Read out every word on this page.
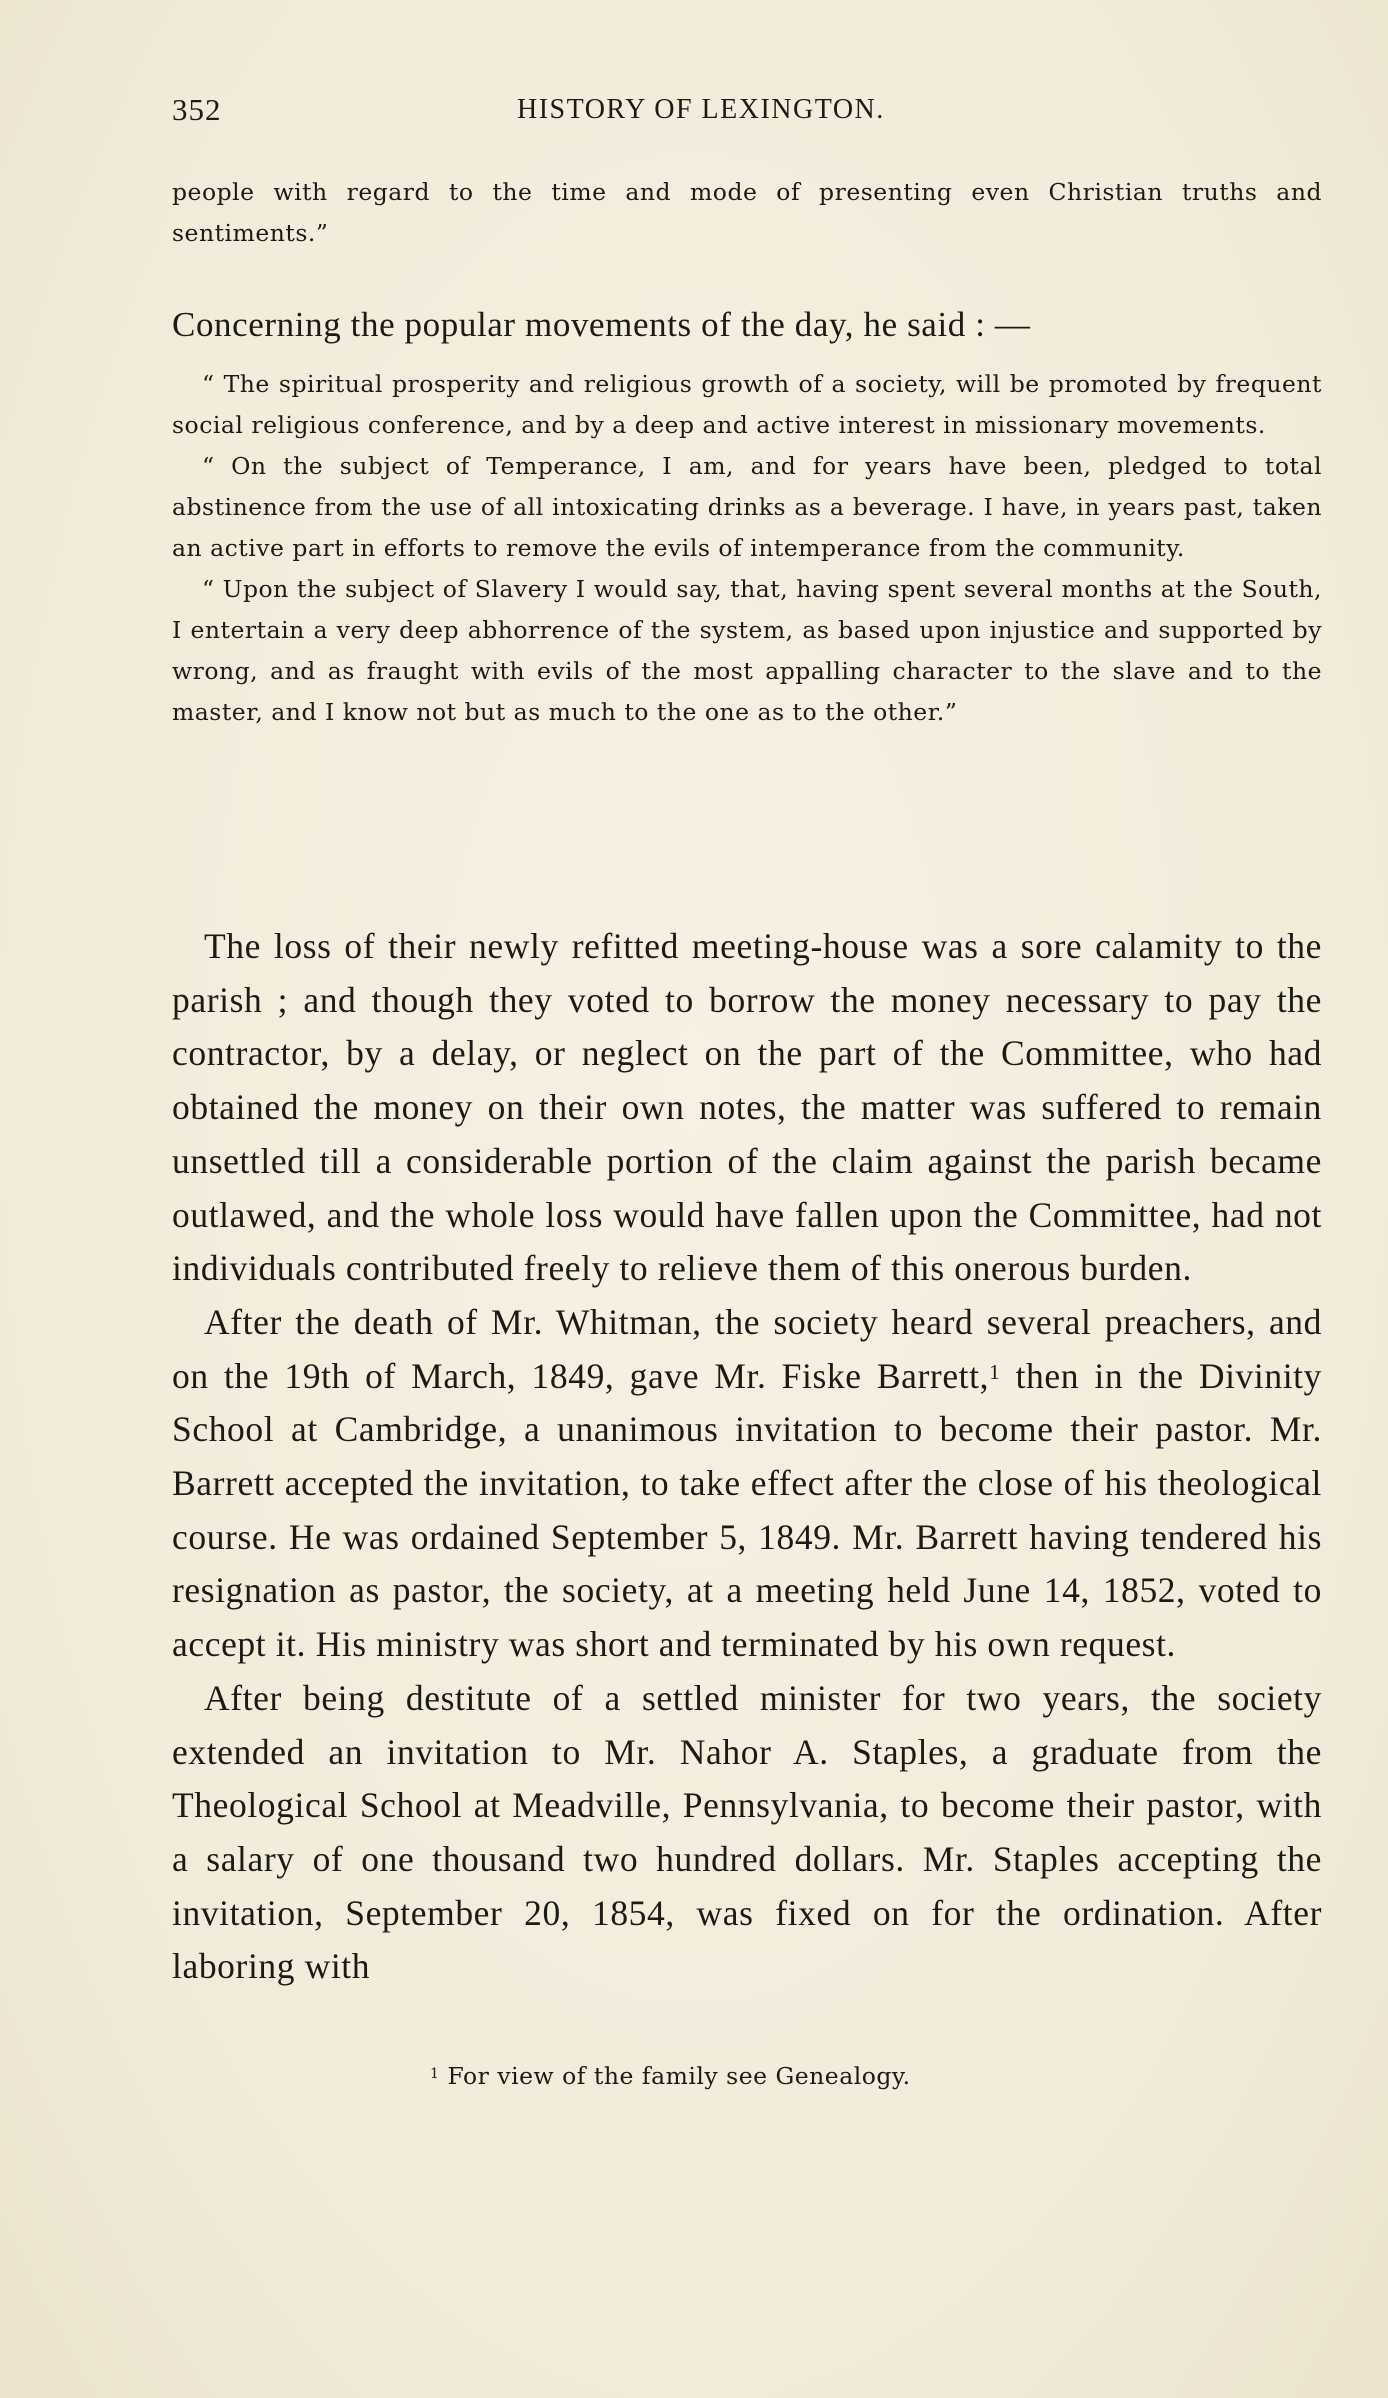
352	HISTORY OF LEXINGTON.

people with regard to the time and mode of presenting even Christian truths and sentiments.”

Concerning the popular movements of the day, he said : —

“ The spiritual prosperity and religious growth of a society, will be promoted by frequent social religious conference, and by a deep and active interest in missionary movements.

“ On the subject of Temperance, I am, and for years have been, pledged to total abstinence from the use of all intoxicating drinks as a beverage. I have, in years past, taken an active part in efforts to remove the evils of intemperance from the community.

“ Upon the subject of Slavery I would say, that, having spent several months at the South, I entertain a very deep abhorrence of the system, as based upon injustice and supported by wrong, and as fraught with evils of the most appalling character to the slave and to the master, and I know not but as much to the one as to the other.”

The loss of their newly refitted meeting-house was a sore calamity to the parish ; and though they voted to borrow the money necessary to pay the contractor, by a delay, or neglect on the part of the Committee, who had obtained the money on their own notes, the matter was suffered to remain unsettled till a considerable portion of the claim against the parish became outlawed, and the whole loss would have fallen upon the Committee, had not individuals contributed freely to relieve them of this onerous burden.

After the death of Mr. Whitman, the society heard several preachers, and on the 19th of March, 1849, gave Mr. Fiske Barrett,$^1$ then in the Divinity School at Cambridge, a unanimous invitation to become their pastor. Mr. Barrett accepted the invitation, to take effect after the close of his theological course. He was ordained September 5, 1849. Mr. Barrett having tendered his resignation as pastor, the society, at a meeting held June 14, 1852, voted to accept it. His ministry was short and terminated by his own request.

After being destitute of a settled minister for two years, the society extended an invitation to Mr. Nahor A. Staples, a graduate from the Theological School at Meadville, Pennsylvania, to become their pastor, with a salary of one thousand two hundred dollars. Mr. Staples accepting the invitation, September 20, 1854, was fixed on for the ordination. After laboring with

$^1$ For view of the family see Genealogy.
